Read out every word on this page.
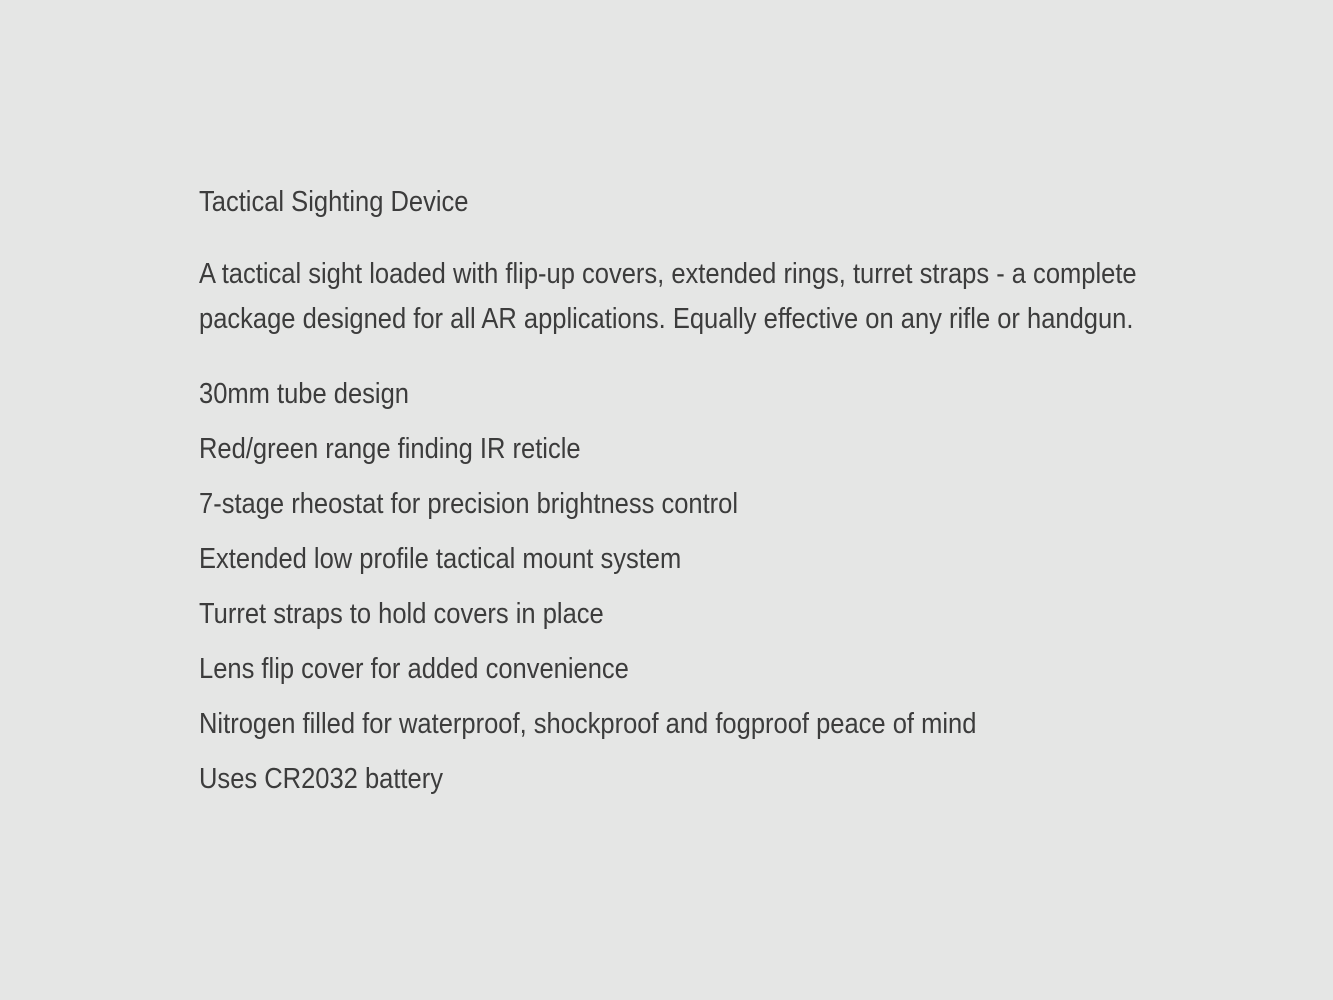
Tactical Sighting Device

A tactical sight loaded with flip-up covers, extended rings, turret straps - a complete package designed for all AR applications. Equally effective on any rifle or handgun.

30mm tube design
Red/green range finding IR reticle
7-stage rheostat for precision brightness control
Extended low profile tactical mount system
Turret straps to hold covers in place
Lens flip cover for added convenience
Nitrogen filled for waterproof, shockproof and fogproof peace of mind
Uses CR2032 battery
